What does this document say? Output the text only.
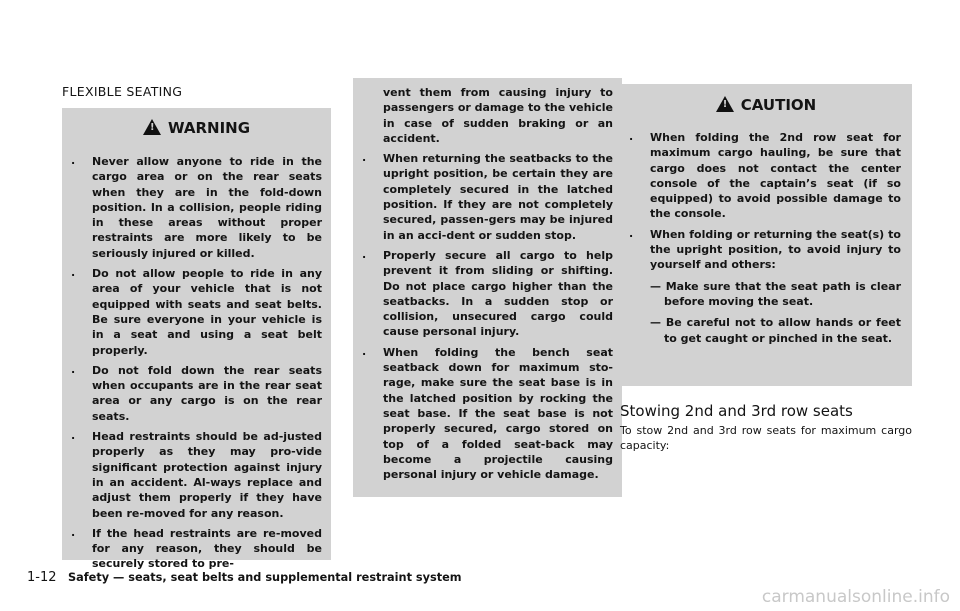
FLEXIBLE SEATING
!WARNING
. Never allow anyone to ride in the cargo area or on the rear seats when they are in the fold-down position. In a collision, people riding in these areas without proper restraints are more likely to be seriously injured or killed.
. Do not allow people to ride in any area of your vehicle that is not equipped with seats and seat belts. Be sure everyone in your vehicle is in a seat and using a seat belt properly.
. Do not fold down the rear seats when occupants are in the rear seat area or any cargo is on the rear seats.
. Head restraints should be ad-justed properly as they may pro-vide significant protection against injury in an accident. Al-ways replace and adjust them properly if they have been re-moved for any reason.
. If the head restraints are re-moved for any reason, they should be securely stored to pre-
vent them from causing injury to passengers or damage to the vehicle in case of sudden braking or an accident.
. When returning the seatbacks to the upright position, be certain they are completely secured in the latched position. If they are not completely secured, passen-gers may be injured in an acci-dent or sudden stop.
. Properly secure all cargo to help prevent it from sliding or shifting. Do not place cargo higher than the seatbacks. In a sudden stop or collision, unsecured cargo could cause personal injury.
. When folding the bench seat seatback down for maximum sto-rage, make sure the seat base is in the latched position by rocking the seat base. If the seat base is not properly secured, cargo stored on top of a folded seat-back may become a projectile causing personal injury or vehicle damage.
!CAUTION
. When folding the 2nd row seat for maximum cargo hauling, be sure that cargo does not contact the center console of the captain’s seat (if so equipped) to avoid possible damage to the console.
. When folding or returning the seat(s) to the upright position, to avoid injury to yourself and others:
— Make sure that the seat path is clear before moving the seat.
— Be careful not to allow hands or feet to get caught or pinched in the seat.
Stowing 2nd and 3rd row seats
To stow 2nd and 3rd row seats for maximum cargo capacity:
1-12 Safety — seats, seat belts and supplemental restraint system
carmanualsonline.info
